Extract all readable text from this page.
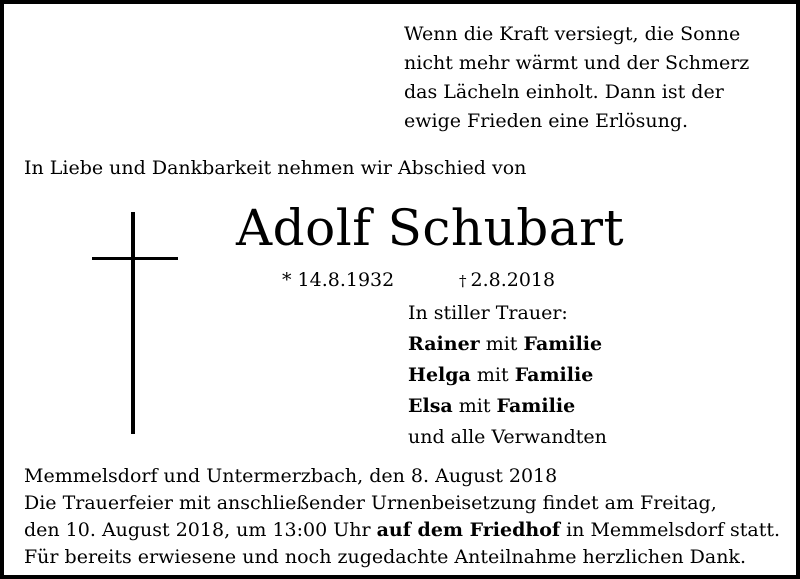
Wenn die Kraft versiegt, die Sonne
nicht mehr wärmt und der Schmerz
das Lächeln einholt. Dann ist der
ewige Frieden eine Erlösung.
In Liebe und Dankbarkeit nehmen wir Abschied von
Adolf Schubart
* 14.8.1932	† 2.8.2018
In stiller Trauer:
Rainer mit Familie
Helga mit Familie
Elsa mit Familie
und alle Verwandten
Memmelsdorf und Untermerzbach, den 8. August 2018
Die Trauerfeier mit anschließender Urnenbeisetzung findet am Freitag,
den 10. August 2018, um 13:00 Uhr auf dem Friedhof in Memmelsdorf statt.
Für bereits erwiesene und noch zugedachte Anteilnahme herzlichen Dank.
